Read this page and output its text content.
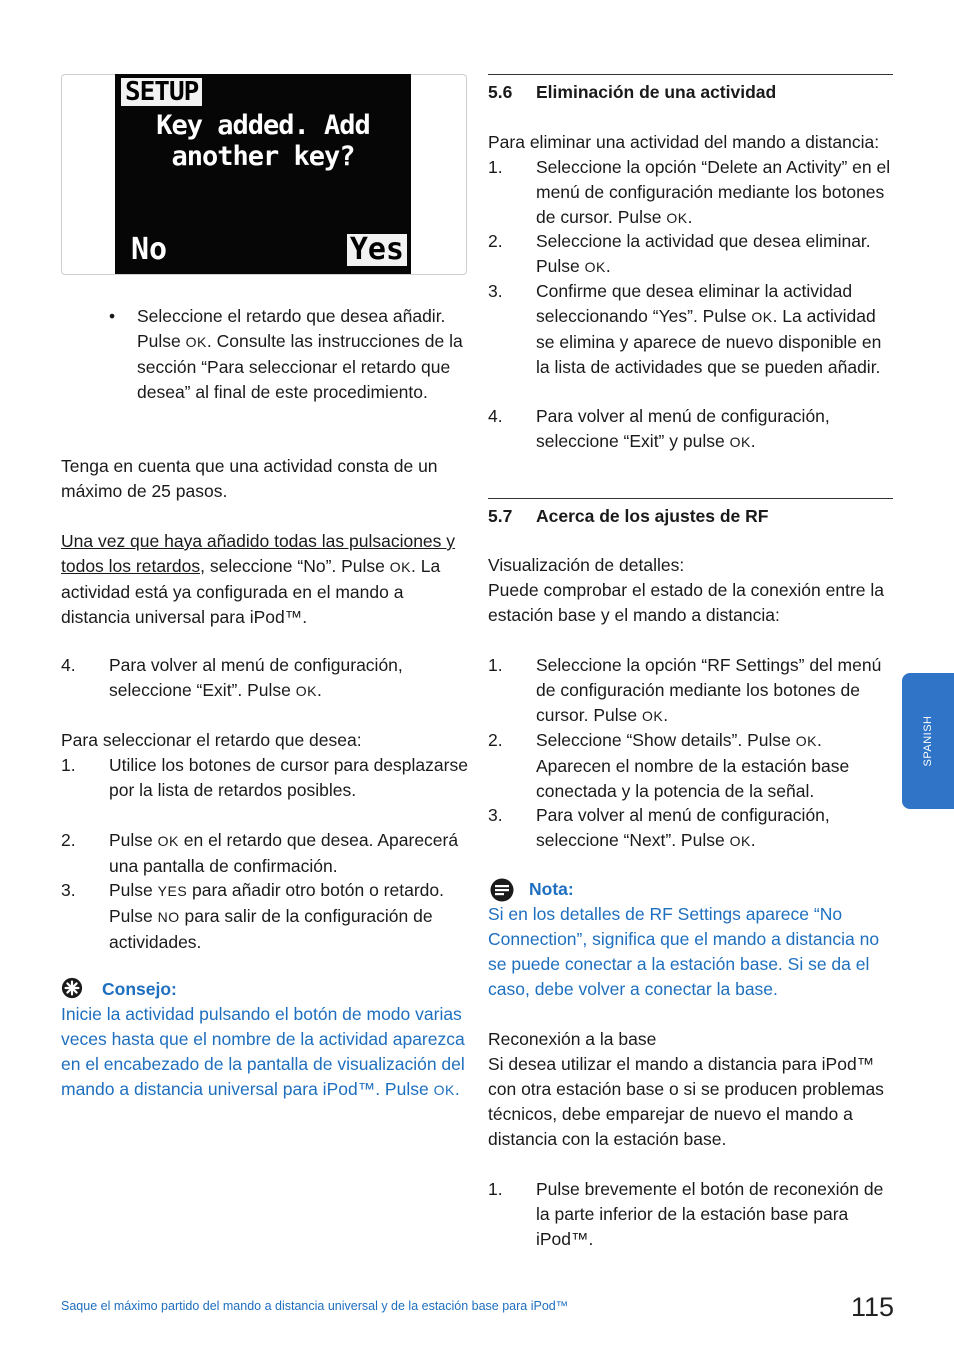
SETUP
Key added. Add
another key?
No	Yes
•	Seleccione el retardo que desea añadir. Pulse OK. Consulte las instrucciones de la sección “Para seleccionar el retardo que desea” al final de este procedimiento.

Tenga en cuenta que una actividad consta de un máximo de 25 pasos.

Una vez que haya añadido todas las pulsaciones y todos los retardos, seleccione “No”. Pulse OK. La actividad está ya configurada en el mando a distancia universal para iPod™.

4.	Para volver al menú de configuración, seleccione “Exit”. Pulse OK.

Para seleccionar el retardo que desea:

1.	Utilice los botones de cursor para desplazarse por la lista de retardos posibles.
2.	Pulse OK en el retardo que desea. Aparecerá una pantalla de confirmación.
3.	Pulse YES para añadir otro botón o retardo. Pulse NO para salir de la configuración de actividades.
Consejo:

Inicie la actividad pulsando el botón de modo varias veces hasta que el nombre de la actividad aparezca en el encabezado de la pantalla de visualización del mando a distancia universal para iPod™. Pulse OK.

5.6 Eliminación de una actividad

Para eliminar una actividad del mando a distancia:

1.	Seleccione la opción “Delete an Activity” en el menú de configuración mediante los botones de cursor. Pulse OK.
2.	Seleccione la actividad que desea eliminar. Pulse OK.
3.	Confirme que desea eliminar la actividad seleccionando “Yes”. Pulse OK. La actividad se elimina y aparece de nuevo disponible en la lista de actividades que se pueden añadir.
4.	Para volver al menú de configuración, seleccione “Exit” y pulse OK.
5.7 Acerca de los ajustes de RF

Visualización de detalles:

Puede comprobar el estado de la conexión entre la estación base y el mando a distancia:

1.	Seleccione la opción “RF Settings” del menú de configuración mediante los botones de cursor. Pulse OK.
2.	Seleccione “Show details”. Pulse OK. Aparecen el nombre de la estación base conectada y la potencia de la señal.
3.	Para volver al menú de configuración, seleccione “Next”. Pulse OK.
Nota:

Si en los detalles de RF Settings aparece “No Connection”, significa que el mando a distancia no se puede conectar a la estación base. Si se da el caso, debe volver a conectar la base.

Reconexión a la base

Si desea utilizar el mando a distancia para iPod™ con otra estación base o si se producen problemas técnicos, debe emparejar de nuevo el mando a distancia con la estación base.

1.	Pulse brevemente el botón de reconexión de la parte inferior de la estación base para iPod™.
SPANISH
Saque el máximo partido del mando a distancia universal y de la estación base para iPod™	115
